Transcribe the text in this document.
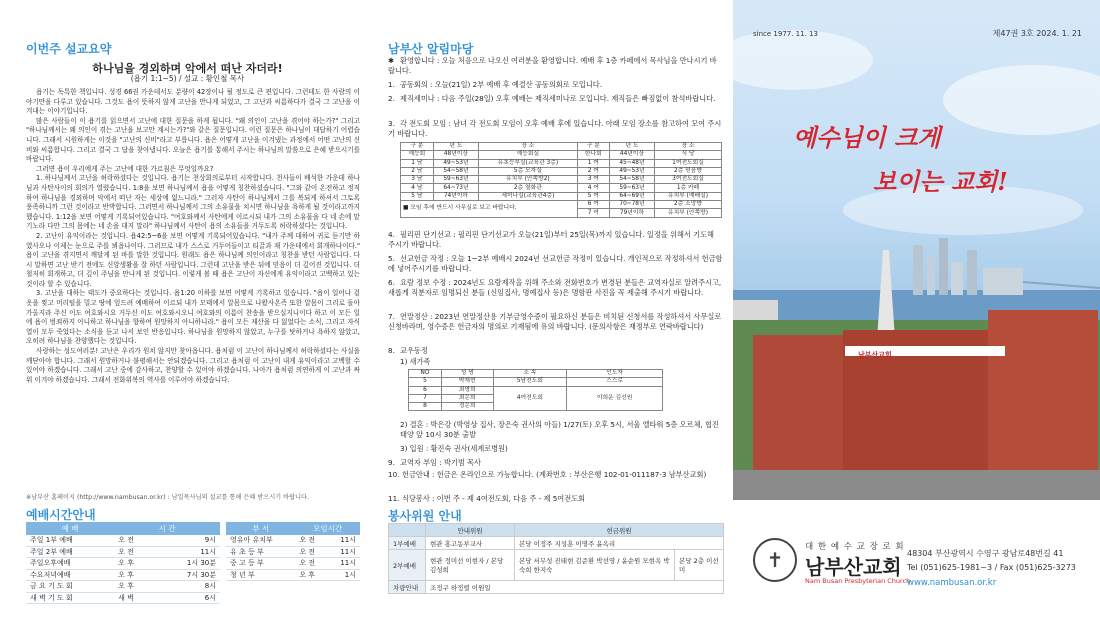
이번주 설교요약
하나님을 경외하며 악에서 떠난 자더라!
(욥기 1:1~5) / 설교 : 황인철 목사

욥기는 독특한 책입니다. 성경 66권 가운데서도 분량이 42장이나 될 정도로 큰 편입니다. 그런데도 한 사람의 이야기만을 다루고 있습니다. 그것도 욥이 뜻하지 않게 고난을 만나게 되었고, 그 고난과 씨름하다가 결국 그 고난을 이겨내는 이야기입니다.

많은 사람들이 이 욥기를 읽으면서 고난에 대한 질문을 하게 됩니다. "왜 의인이 고난을 겪어야 하는가?" 그리고 "하나님께서는 왜 의인이 겪는 고난을 보고만 계시는가?"와 같은 질문입니다. 이런 질문은 하나님이 대답하기 어렵습니다. 그래서 시원하게는 이것을 "고난의 신비"라고 부릅니다. 욥은 어떻게 고난을 이겨냈는 과정에서 어떤 고난의 신비와 씨름합니다. 그리고 결국 그 답을 찾아냅니다. 오늘은 욥기를 통해서 주시는 하나님의 말씀으로 은혜 받으시기를 바랍니다.

그러면 욥이 우리에게 주는 고난에 대한 가르침은 무엇일까요?

1. 하나님께서 고난을 허락하셨다는 것입니다. 욥기는 천상회의로부터 시작합니다. 천사들이 배석한 가운데 하나님과 사탄사이의 회의가 열렸습니다. 1:8을 보면 하나님께서 욥을 어떻게 칭찬하셨습니다. "그와 같이 온전하고 정직하여 하나님을 경외하며 악에서 떠난 자는 세상에 없느니라." 그러자 사탄이 하나님께서 그를 복되게 하셔서 그토록 풍족하니까 그런 것이라고 반박합니다. 그러면서 하나님께서 그의 소유물을 치시면 하나님을 욕하게 될 것이라고까지 했습니다. 1:12을 보면 어떻게 기록되어있습니다. "여호와께서 사탄에게 이르시되 내가 그의 소유물을 다 네 손에 맡기노라 다만 그의 몸에는 네 손을 대지 말라" 하나님께서 사탄이 욥의 소유들을 거두도록 허락하셨다는 것입니다.

2. 고난이 유익이라는 것입니다. 욥42:5~6을 보면 어떻게 기록되어있습니다. "내가 주께 대하여 귀로 듣기만 하였사오나 이제는 눈으로 주를 뵈옵나이다. 그러므로 내가 스스로 거두어들이고 티끌과 재 가운데에서 회개하나이다." 욥이 고난을 겪지면서 깨달게 된 바를 말한 것입니다. 원래도 욥은 하나님께 의인이라고 칭찬을 받던 사람입니다. 다시 말하면 고난 받기 전에도 신앙생활을 잘 하던 사람입니다. 그런데 고난을 받은 뒤에 믿음이 더 깊어진 것입니다. 더 철저히 회개하고, 더 깊이 주님을 만나게 된 것입니다. 이렇게 볼 때 욥은 고난이 자신에게 유익이라고 고백하고 있는 것이라 할 수 있습니다.

3. 고난을 대하는 태도가 중요하다는 것입니다. 욥1:20 이하를 보면 어떻게 기록하고 있습니다. "욥이 일어나 겉옷을 찢고 머리털을 밀고 땅에 엎드려 예배하여 이르되 내가 모태에서 알몸으로 나왔사온즉 또한 알몸이 그리로 돌아가올지라 주신 이도 여호와시요 거두신 이도 여호와시오니 여호와의 이름이 찬송을 받으실지니이다 하고 이 모든 일에 욥이 범죄하지 아니하고 하나님을 향하여 원망하지 아니하니라." 욥이 모든 재산을 다 잃었다는 소식, 그리고 자식 열이 모두 죽었다는 소식을 듣고 나서 보인 반응입니다. 하나님을 원망하지 않았고, 누구를 탓하거나 욕하지 않았고, 오히려 하나님을 찬양했다는 것입니다.

사랑하는 성도여러분! 고난은 우리가 원치 않지만 찾아옵니다. 욥처럼 이 고난이 하나님께서 허락하셨다는 사실을 깨닫아야 합니다. 그래서 원망하거나 불평해서는 안되겠습니다. 그리고 욥처럼 이 고난이 내게 유익이라고 고백할 수 있어야 하겠습니다. 그래서 고난 중에 감사하고, 찬양할 수 있어야 하겠습니다. 나아가 욥처럼 의연하게 이 고난과 싸워 이겨야 하겠습니다. 그래서 전화위복의 역사를 이루어야 하겠습니다.

※남부산 홈페이지 (http://www.nambusan.or.kr) : 남일목사님의 설교를 통해 은혜 받으시기 바랍니다.
예배시간안내
예 배	시 간	
주일 1부 예배	오 전	9시
주일 2부 예배	오 전	11시
주일오후예배	오 후	1시 30분
수요저녁예배	오 후	7시 30분
금 요 기 도 회	오 후	8시
새 벽 기 도 회	새 벽	6시
부 서	모임시간	
영유아 유치부	오 전	11시
유 초 등 부	오 전	11시
중 고 등 부	오 전	11시
청 년 부	오 후	1시
남부산 알림마당
✱ 환영합니다 : 오늘 처음으로 나오신 여러분을 환영합니다. 예배 후 1층 카페에서 목사님을 만나시기 바랍니다.
1. 공동회의 : 오늘(21일) 2부 예배 후 예결산 공동의회로 모입니다.
2. 제직세미나 : 다음 주일(28일) 오후 예배는 제직세미나로 모입니다. 제직들은 빠짐없이 참석바랍니다.
3. 각 전도회 모임 : 남녀 각 전도회 모임이 오후 예배 후에 있습니다. 아래 모임 장소를 참고하여 모여 주시기 바랍니다.
구 분	년 도	장 소	구 분	년 도	장 소
예능회	48년이상	예능회실	한나회	44년이상	식 당
1 남	49~53년	유초등부실(교육관 3층)	1 여	45~48년	1여전도회실
2 남	54~58년	5층 모자실	2 여	49~53년	2층 믿음방
3 남	59~63년	유치부 (안쪽방2)	3 여	54~58년	3여전도회실
4 남	64~73년	2층 열화관	4 여	59~63년	1층 카페
5 남	74년이하	세미나실(교육관4층)	5 여	64~69년	유치부 (예배실)
■ 모임 후에 반드시 사무실로 보고 바랍니다.			6 여	70~78년	2층 소망방
			7 여	79년이하	유치부 (안쪽방)
4. 필리핀 단기선교 : 필리핀 단기선교가 오늘(21일)부터 25일(목)까지 있습니다. 일정을 위해서 기도해 주시기 바랍니다.
5. 선교헌금 작정 : 오늘 1~2부 예배시 2024년 선교헌금 작정이 있습니다. 개인적으로 작정하셔서 헌금함에 넣어주시기를 바랍니다.
6. 요람 정보 수정 : 2024년도 요람제작을 위해 주소와 전화번호가 변경된 분들은 교역자실로 알려주시고, 새롭게 직분자로 임명되신 분들 (신임집사, 명예집사 등)은 명함판 사진을 꼭 제출해 주시기 바랍니다.
7. 연말정산 : 2023년 연말정산용 기부금영수증이 필요하신 분들은 비치된 신청서를 작성하셔서 사무실로 신청바라며, 영수증은 헌금자의 명의로 기재됨에 유의 바랍니다. (문의사항은 재정부로 연락바랍니다)
8. 교우동정
1) 새가족
NO	성 명	소 속	인도자
5	박재현	5남전도회	스스로
6	최영희	4여전도회	이희운 김선원
7	최은희		
8	정은희		
2) 결혼 : 박은강 (박영상 집사, 장은숙 권사의 아들) 1/27(토) 오후 5시, 서울 엘타워 5층 오르체, 협진태양 앞 10시 30분 출발
3) 입원 : 황진숙 권사(세계로병원)
9. 교역자 부임 : 박기범 목사
10. 헌금안내 : 헌금은 온라인으로 가능합니다. (계좌번호 : 부산은행 102-01-011187-3 남부산교회)
11. 식당봉사 : 이번 주 - 제 4여전도회, 다음 주 - 제 5여전도회
봉사위원 안내
	안내위원	헌금위원	
1부예배	현관 홍고동부교사	본당 이정주 지성훈 이명주 윤옥리	
2부예배	현관 정미선 이현자 / 본당 김성희	본당 서무성 진태현 김준환 박선영 / 윤순원 모현옥 박숙희 한지숙	본당 2층 이선미
차량안내	조정구 하정렬 이원일		
남부산교회
since 1977. 11. 13	제47권 3호 2024. 1. 21
예수님이 크게
보이는 교회!
✝
대 한 예 수 교 장 로 회
남부산교회
Nam Busan Presbyterian Church
48304 부산광역시 수영구 광남로48번길 41
Tel (051)625-1981~3 / Fax (051)625-3273
www.nambusan.or.kr
